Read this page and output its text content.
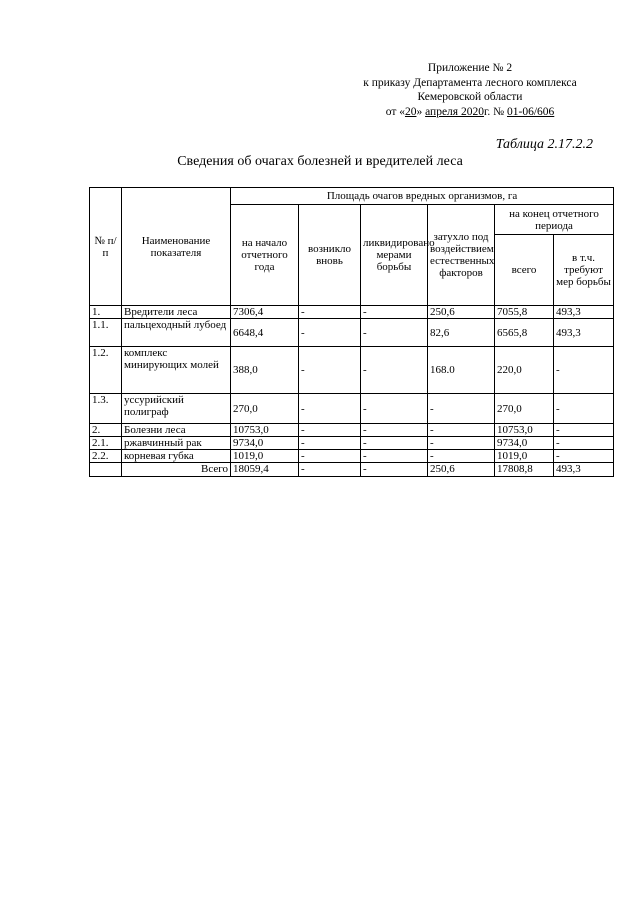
Приложение № 2
к приказу Департамента лесного комплекса
Кемеровской области
от «20» апреля 2020г. № 01-06/606
Таблица 2.17.2.2
Сведения об очагах болезней и вредителей леса
№ п/п	Наименование показателя	Площадь очагов вредных организмов, га					
		на начало отчетного года	возникло вновь	ликвидировано мерами борьбы	затухло под воздействием естественных факторов	на конец отчетного периода	
						всего	в т.ч. требуют мер борьбы
1.	Вредители леса	7306,4	-	-	250,6	7055,8	493,3
1.1.	пальцеходный лубоед	6648,4	-	-	82,6	6565,8	493,3
1.2.	комплекс минирующих молей	388,0	-	-	168.0	220,0	-
1.3.	уссурийский полиграф	270,0	-	-	-	270,0	-
2.	Болезни леса	10753,0	-	-	-	10753,0	-
2.1.	ржавчинный рак	9734,0	-	-	-	9734,0	-
2.2.	корневая губка	1019,0	-	-	-	1019,0	-
	Всего	18059,4	-	-	250,6	17808,8	493,3
